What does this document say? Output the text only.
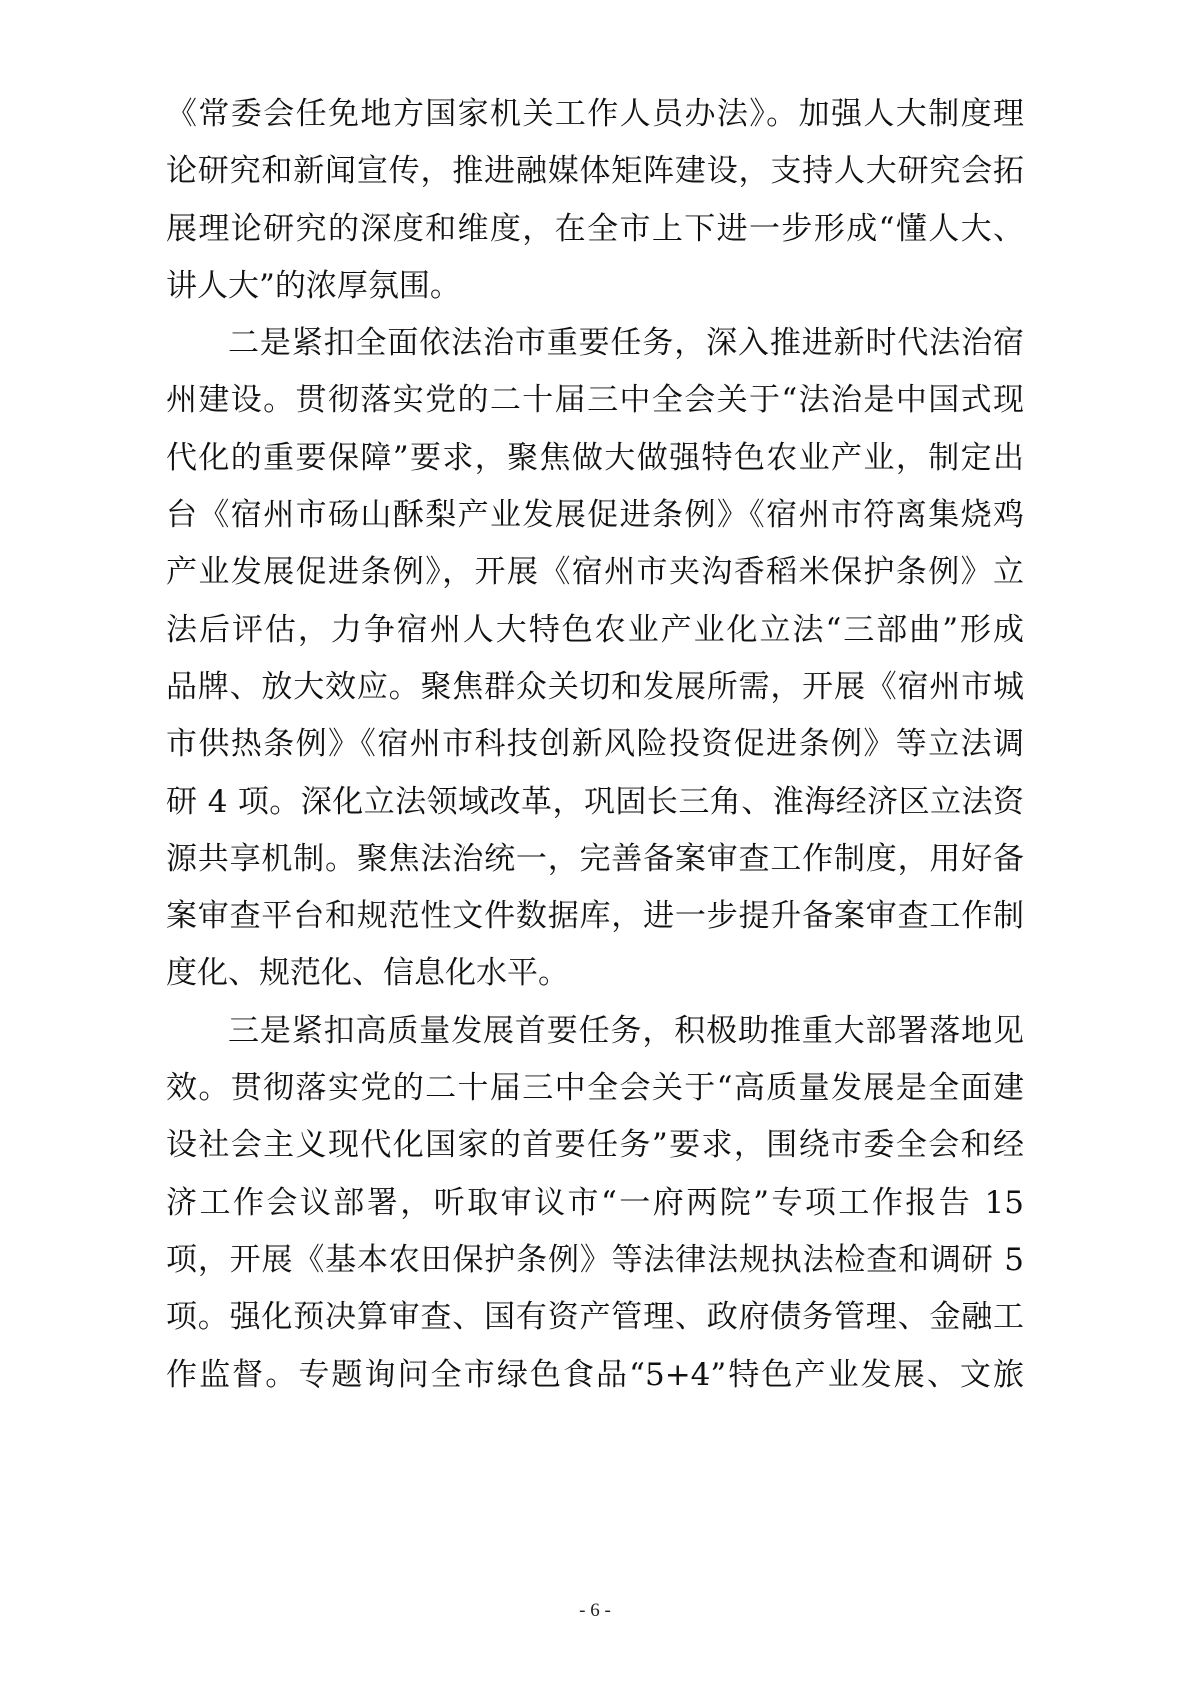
《常委会任免地方国家机关工作人员办法》。加强人大制度理
论研究和新闻宣传，推进融媒体矩阵建设，支持人大研究会拓
展理论研究的深度和维度，在全市上下进一步形成“懂人大、
讲人大”的浓厚氛围。
二是紧扣全面依法治市重要任务，深入推进新时代法治宿
州建设。贯彻落实党的二十届三中全会关于“法治是中国式现
代化的重要保障”要求，聚焦做大做强特色农业产业，制定出
台《宿州市砀山酥梨产业发展促进条例》《宿州市符离集烧鸡
产业发展促进条例》，开展《宿州市夹沟香稻米保护条例》立
法后评估，力争宿州人大特色农业产业化立法“三部曲”形成
品牌、放大效应。聚焦群众关切和发展所需，开展《宿州市城
市供热条例》《宿州市科技创新风险投资促进条例》等立法调
研 4 项。深化立法领域改革，巩固长三角、淮海经济区立法资
源共享机制。聚焦法治统一，完善备案审查工作制度，用好备
案审查平台和规范性文件数据库，进一步提升备案审查工作制
度化、规范化、信息化水平。
三是紧扣高质量发展首要任务，积极助推重大部署落地见
效。贯彻落实党的二十届三中全会关于“高质量发展是全面建
设社会主义现代化国家的首要任务”要求，围绕市委全会和经
济工作会议部署，听取审议市“一府两院”专项工作报告 15
项，开展《基本农田保护条例》等法律法规执法检查和调研 5
项。强化预决算审查、国有资产管理、政府债务管理、金融工
作监督。专题询问全市绿色食品“5+4”特色产业发展、文旅
- 6 -
